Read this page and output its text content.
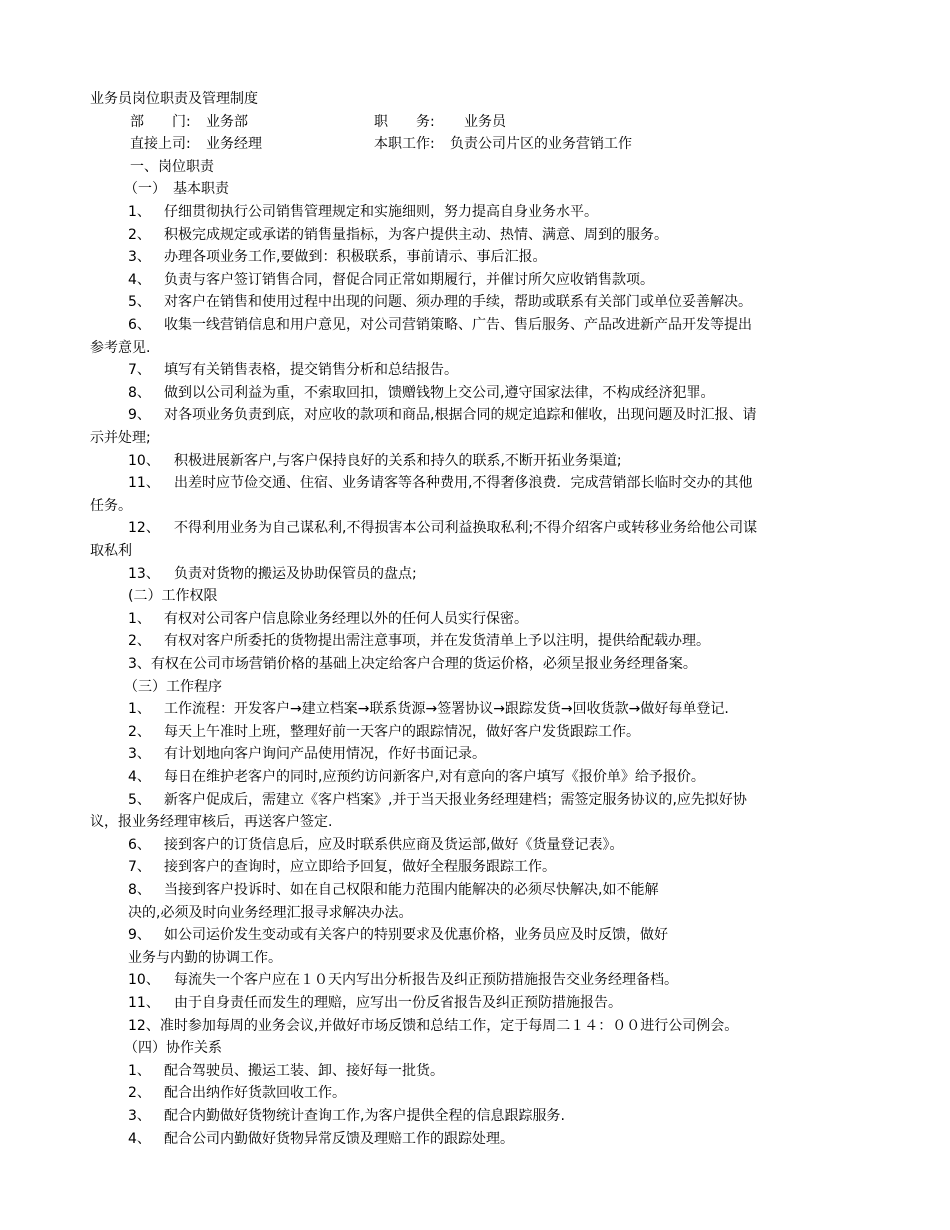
业务员岗位职责及管理制度
部　　门: 业务部	职　　务: 业务员
直接上司: 业务经理	本职工作: 负责公司片区的业务营销工作
一、岗位职责
（一）　基本职责
1、 仔细贯彻执行公司销售管理规定和实施细则，努力提高自身业务水平。
2、 积极完成规定或承诺的销售量指标，为客户提供主动、热情、满意、周到的服务。
3、 办理各项业务工作,要做到：积极联系，事前请示、事后汇报。
4、 负责与客户签订销售合同，督促合同正常如期履行，并催讨所欠应收销售款项。
5、 对客户在销售和使用过程中出现的问题、须办理的手续，帮助或联系有关部门或单位妥善解决。
6、 收集一线营销信息和用户意见，对公司营销策略、广告、售后服务、产品改进新产品开发等提出
参考意见.
7、 填写有关销售表格，提交销售分析和总结报告。
8、 做到以公司利益为重，不索取回扣，馈赠钱物上交公司,遵守国家法律，不构成经济犯罪。
9、 对各项业务负责到底，对应收的款项和商品,根据合同的规定追踪和催收，出现问题及时汇报、请
示并处理;
10、 积极进展新客户,与客户保持良好的关系和持久的联系,不断开拓业务渠道;
11、 出差时应节俭交通、住宿、业务请客等各种费用,不得奢侈浪费．完成营销部长临时交办的其他
任务。
12、 不得利用业务为自己谋私利,不得损害本公司利益换取私利;不得介绍客户或转移业务给他公司谋
取私利
13、 负责对货物的搬运及协助保管员的盘点;
(二）工作权限
1、 有权对公司客户信息除业务经理以外的任何人员实行保密。
2、 有权对客户所委托的货物提出需注意事项，并在发货清单上予以注明，提供给配载办理。
3、有权在公司市场营销价格的基础上决定给客户合理的货运价格，必须呈报业务经理备案。
（三）工作程序
1、 工作流程：开发客户→建立档案→联系货源→签署协议→跟踪发货→回收货款→做好每单登记.
2、 每天上午准时上班，整理好前一天客户的跟踪情况，做好客户发货跟踪工作。
3、 有计划地向客户询问产品使用情况，作好书面记录。
4、 每日在维护老客户的同时,应预约访问新客户,对有意向的客户填写《报价单》给予报价。
5、 新客户促成后，需建立《客户档案》,并于当天报业务经理建档；需签定服务协议的,应先拟好协
议，报业务经理审核后，再送客户签定.
6、 接到客户的订货信息后，应及时联系供应商及货运部,做好《货量登记表》。
7、 接到客户的查询时，应立即给予回复，做好全程服务跟踪工作。
8、 当接到客户投诉时、如在自己权限和能力范围内能解决的必须尽快解决,如不能解
决的,必须及时向业务经理汇报寻求解决办法。
9、 如公司运价发生变动或有关客户的特别要求及优惠价格，业务员应及时反馈，做好
业务与内勤的协调工作。
10、 每流失一个客户应在１０天内写出分析报告及纠正预防措施报告交业务经理备档。
11、 由于自身责任而发生的理赔，应写出一份反省报告及纠正预防措施报告。
12、准时参加每周的业务会议,并做好市场反馈和总结工作，定于每周二１４：００进行公司例会。
（四）协作关系
1、 配合驾驶员、搬运工装、卸、接好每一批货。
2、 配合出纳作好货款回收工作。
3、 配合内勤做好货物统计查询工作,为客户提供全程的信息跟踪服务.
4、 配合公司内勤做好货物异常反馈及理赔工作的跟踪处理。
